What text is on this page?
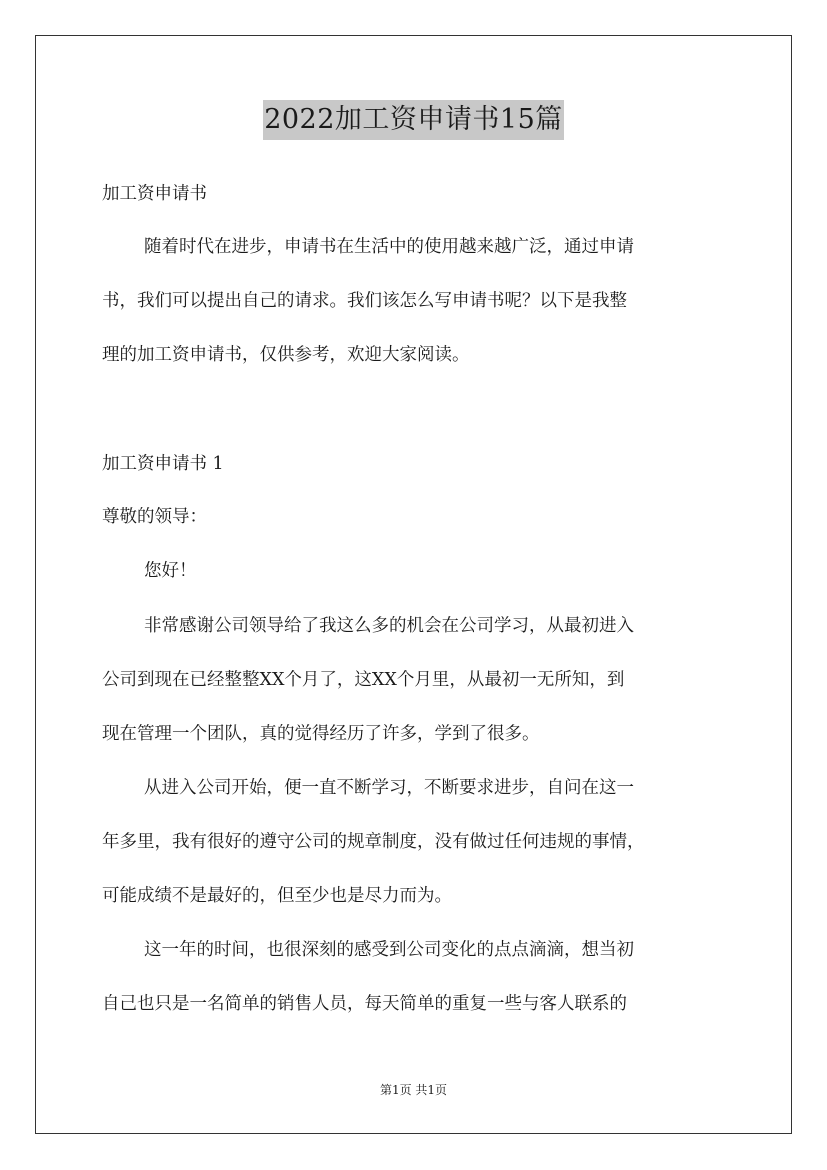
2022加工资申请书15篇
加工资申请书
随着时代在进步，申请书在生活中的使用越来越广泛，通过申请
书，我们可以提出自己的请求。我们该怎么写申请书呢？以下是我整
理的加工资申请书，仅供参考，欢迎大家阅读。
加工资申请书 1
尊敬的领导：
您好！
非常感谢公司领导给了我这么多的机会在公司学习，从最初进入
公司到现在已经整整XX个月了，这XX个月里，从最初一无所知，到
现在管理一个团队，真的觉得经历了许多，学到了很多。
从进入公司开始，便一直不断学习，不断要求进步，自问在这一
年多里，我有很好的遵守公司的规章制度，没有做过任何违规的事情，
可能成绩不是最好的，但至少也是尽力而为。
这一年的时间，也很深刻的感受到公司变化的点点滴滴，想当初
自己也只是一名简单的销售人员，每天简单的重复一些与客人联系的
第1页 共1页
